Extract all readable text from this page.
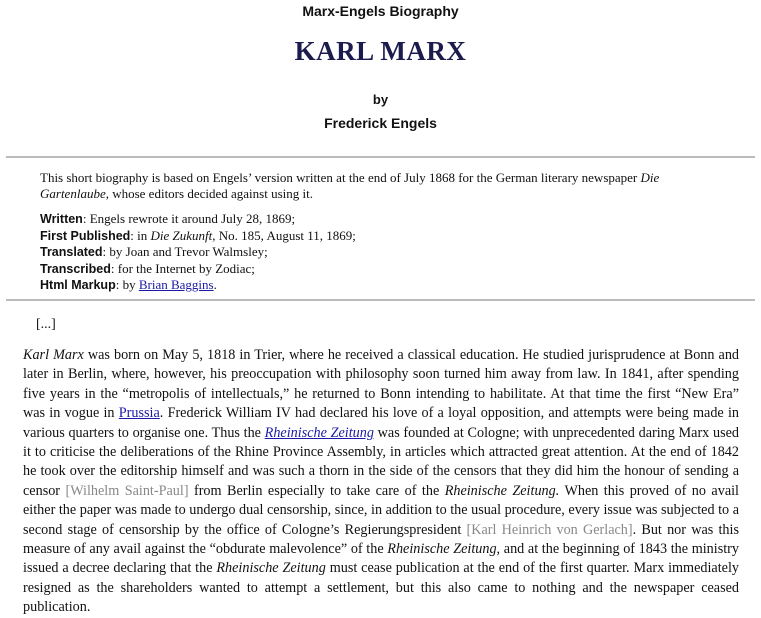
Marx-Engels Biography
KARL MARX
by
Frederick Engels

This short biography is based on Engels’ version written at the end of July 1868 for the German literary newspaper Die Gartenlaube, whose editors decided against using it.

Written: Engels rewrote it around July 28, 1869;
First Published: in Die Zukunft, No. 185, August 11, 1869;
Translated: by Joan and Trevor Walmsley;
Transcribed: for the Internet by Zodiac;
Html Markup: by Brian Baggins.
[...]

Karl Marx was born on May 5, 1818 in Trier, where he received a classical education. He studied jurisprudence at Bonn and later in Berlin, where, however, his preoccupation with philosophy soon turned him away from law. In 1841, after spending five years in the “metropolis of intellectuals,” he returned to Bonn intending to habilitate. At that time the first “New Era” was in vogue in Prussia. Frederick William IV had declared his love of a loyal opposition, and attempts were being made in various quarters to organise one. Thus the Rheinische Zeitung was founded at Cologne; with unprecedented daring Marx used it to criticise the deliberations of the Rhine Province Assembly, in articles which attracted great attention. At the end of 1842 he took over the editorship himself and was such a thorn in the side of the censors that they did him the honour of sending a censor [Wilhelm Saint-Paul] from Berlin especially to take care of the Rheinische Zeitung. When this proved of no avail either the paper was made to undergo dual censorship, since, in addition to the usual procedure, every issue was subjected to a second stage of censorship by the office of Cologne’s Regierungspresident [Karl Heinrich von Gerlach]. But nor was this measure of any avail against the “obdurate malevolence” of the Rheinische Zeitung, and at the beginning of 1843 the ministry issued a decree declaring that the Rheinische Zeitung must cease publication at the end of the first quarter. Marx immediately resigned as the shareholders wanted to attempt a settlement, but this also came to nothing and the newspaper ceased publication.
